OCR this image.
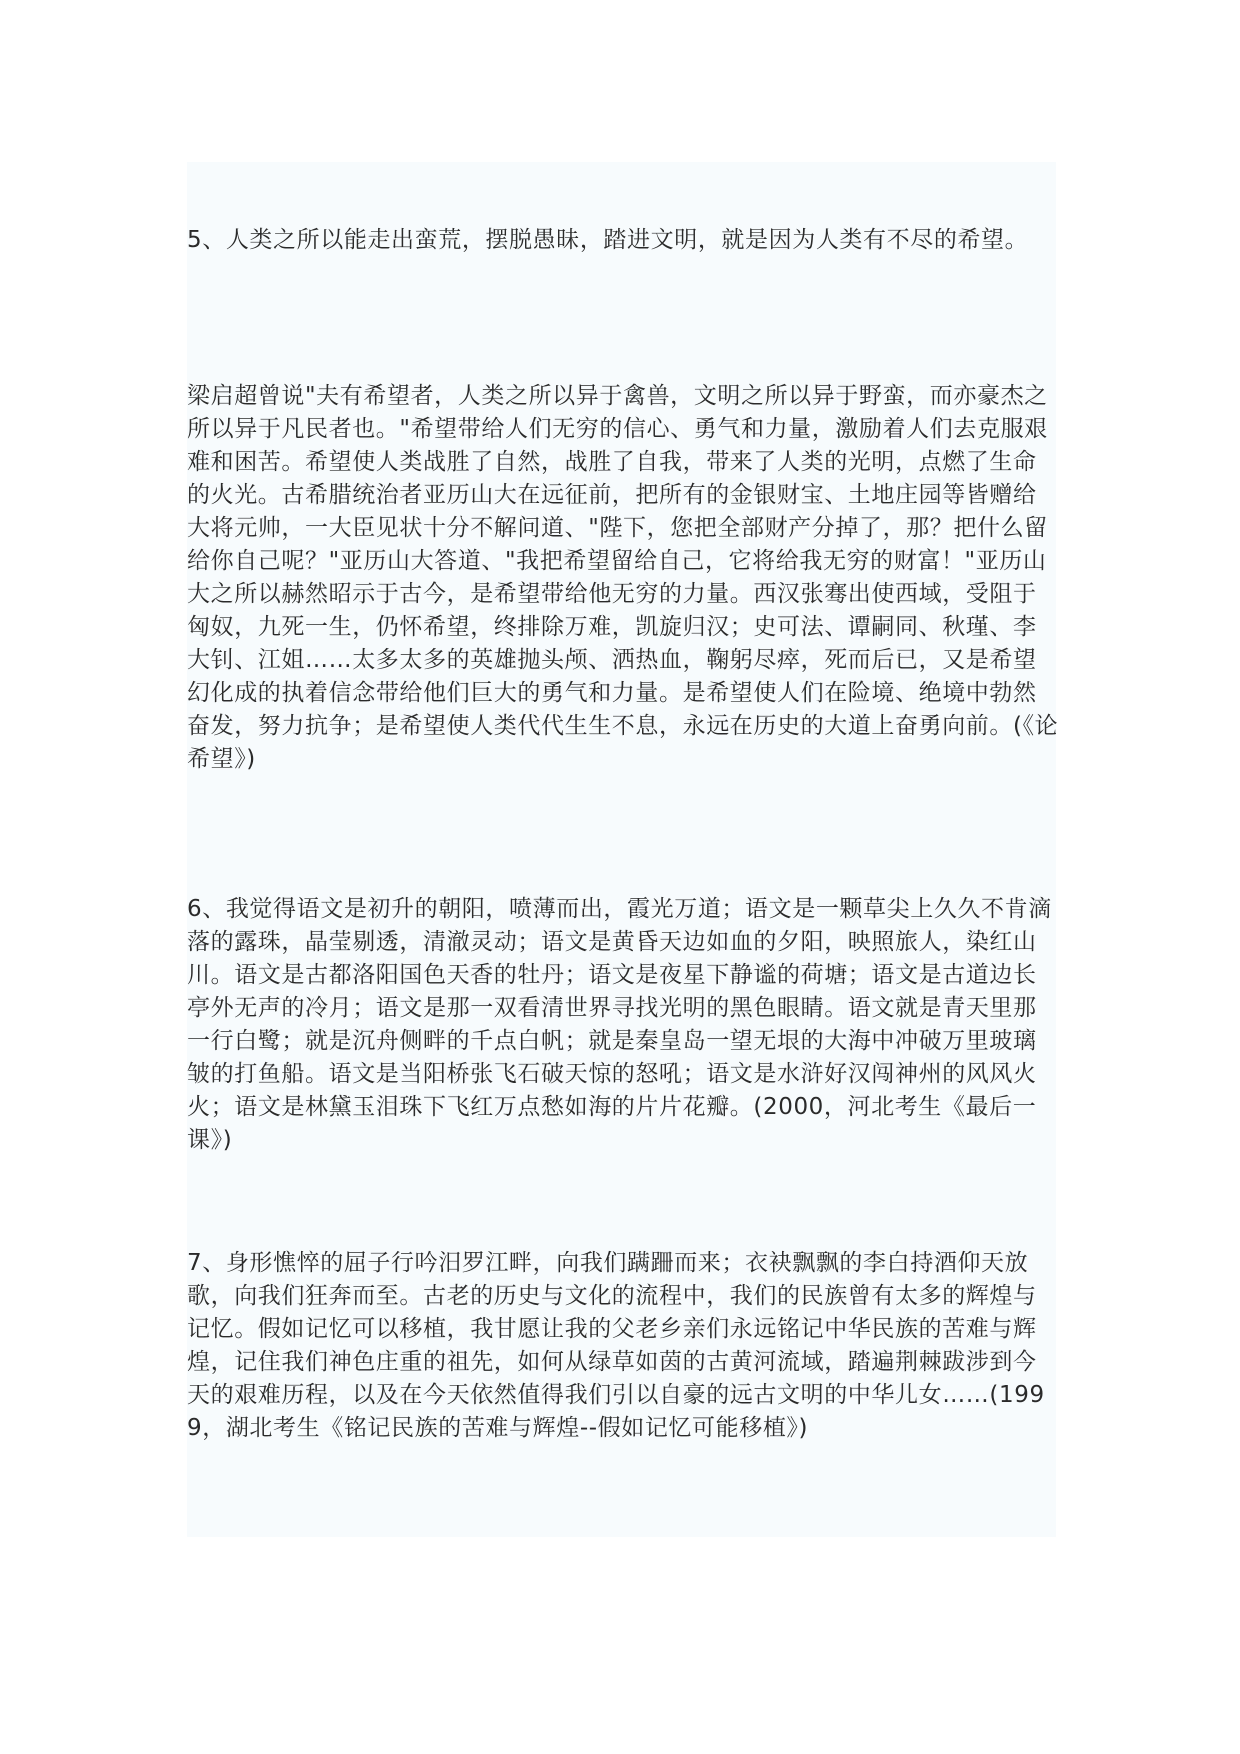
5、人类之所以能走出蛮荒，摆脱愚昧，踏进文明，就是因为人类有不尽的希望。

梁启超曾说"夫有希望者，人类之所以异于禽兽，文明之所以异于野蛮，而亦豪杰之所以异于凡民者也。"希望带给人们无穷的信心、勇气和力量，激励着人们去克服艰难和困苦。希望使人类战胜了自然，战胜了自我，带来了人类的光明，点燃了生命的火光。古希腊统治者亚历山大在远征前，把所有的金银财宝、土地庄园等皆赠给大将元帅，一大臣见状十分不解问道、"陛下，您把全部财产分掉了，那？把什么留给你自己呢？"亚历山大答道、"我把希望留给自己，它将给我无穷的财富！"亚历山大之所以赫然昭示于古今，是希望带给他无穷的力量。西汉张骞出使西域，受阻于匈奴，九死一生，仍怀希望，终排除万难，凯旋归汉；史可法、谭嗣同、秋瑾、李大钊、江姐……太多太多的英雄抛头颅、洒热血，鞠躬尽瘁，死而后已，又是希望幻化成的执着信念带给他们巨大的勇气和力量。是希望使人们在险境、绝境中勃然奋发，努力抗争；是希望使人类代代生生不息，永远在历史的大道上奋勇向前。(《论希望》)

6、我觉得语文是初升的朝阳，喷薄而出，霞光万道；语文是一颗草尖上久久不肯滴落的露珠，晶莹剔透，清澈灵动；语文是黄昏天边如血的夕阳，映照旅人，染红山川。语文是古都洛阳国色天香的牡丹；语文是夜星下静谧的荷塘；语文是古道边长亭外无声的冷月；语文是那一双看清世界寻找光明的黑色眼睛。语文就是青天里那一行白鹭；就是沉舟侧畔的千点白帆；就是秦皇岛一望无垠的大海中冲破万里玻璃皱的打鱼船。语文是当阳桥张飞石破天惊的怒吼；语文是水浒好汉闯神州的风风火火；语文是林黛玉泪珠下飞红万点愁如海的片片花瓣。(2000，河北考生《最后一课》)

7、身形憔悴的屈子行吟汨罗江畔，向我们蹒跚而来；衣袂飘飘的李白持酒仰天放歌，向我们狂奔而至。古老的历史与文化的流程中，我们的民族曾有太多的辉煌与记忆。假如记忆可以移植，我甘愿让我的父老乡亲们永远铭记中华民族的苦难与辉煌，记住我们神色庄重的祖先，如何从绿草如茵的古黄河流域，踏遍荆棘跋涉到今天的艰难历程，以及在今天依然值得我们引以自豪的远古文明的中华儿女……(1999，湖北考生《铭记民族的苦难与辉煌--假如记忆可能移植》)
